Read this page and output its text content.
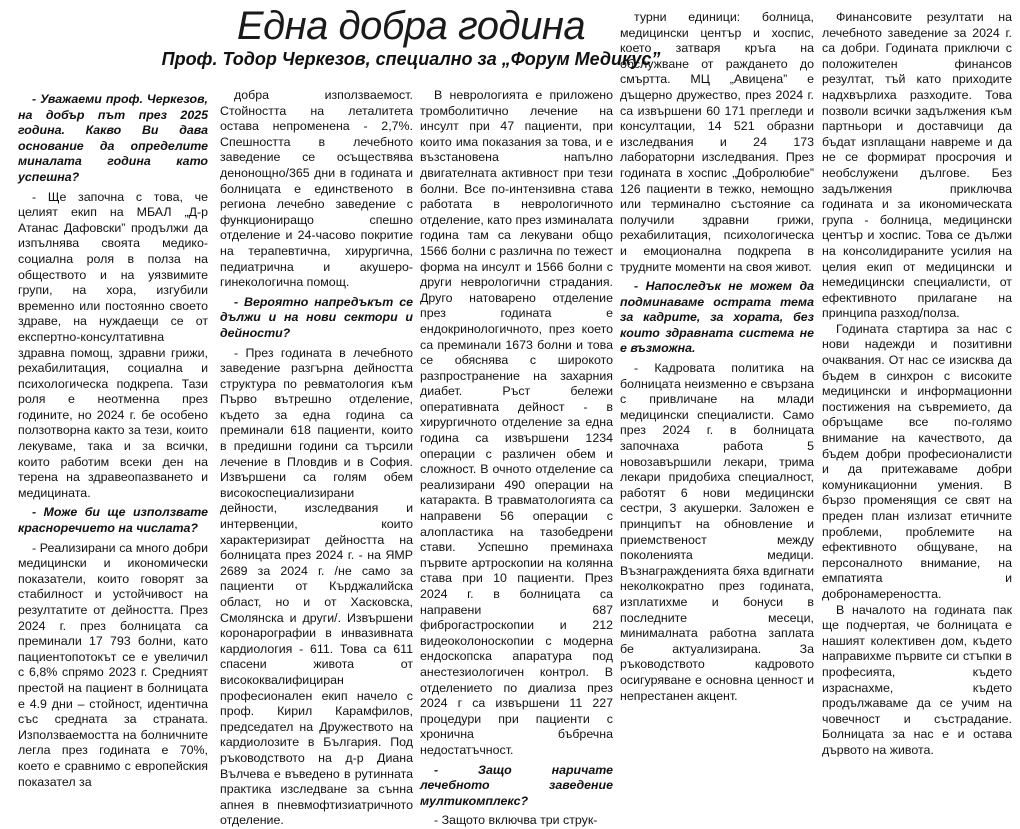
Една добра година
Проф. Тодор Черкезов, специално за „Форум Медикус”

- Уважаеми проф. Черкезов, на добър път през 2025 година. Какво Ви дава основание да определите миналата година като успешна?

- Ще започна с това, че целият екип на МБАЛ „Д-р Атанас Дафовски” продължи да изпълнява своята медико-социална роля в полза на обществото и на уязвимите групи, на хора, изгубили временно или постоянно своето здраве, на нуждаещи се от експертно-консултативна здравна помощ, здравни грижи, рехабилитация, социална и психологическа подкрепа. Тази роля е неотменна през годините, но 2024 г. бе особено ползотворна както за тези, които лекуваме, така и за всички, които работим всеки ден на терена на здравеопазването и медицината.

- Може би ще използвате красноречието на числата?

- Реализирани са много добри медицински и икономически показатели, които говорят за стабилност и устойчивост на резултатите от дейността. През 2024 г. през болницата са преминали 17 793 болни, като пациентопотокът се е увеличил с 6,8% спрямо 2023 г. Средният престой на пациент в болницата е 4.9 дни – стойност, идентична със средната за страната. Използваемостта на болничните легла през годината е 70%, което е сравнимо с европейския показател за

добра използваемост. Стойността на леталитета остава непроменена - 2,7%. Спешността в лечебното заведение се осъществява денонощно/365 дни в годината и болницата е единственото в региона лечебно заведение с функциониращо спешно отделение и 24-часово покритие на терапевтична, хирургична, педиатрична и акушеро-гинекологична помощ.

- Вероятно напредъкът се дължи и на нови сектори и дейности?

- През годината в лечебното заведение разгърна дейността структура по ревматология към Първо вътрешно отделение, където за една година са преминали 618 пациенти, които в предишни години са търсили лечение в Пловдив и в София. Извършени са голям обем високоспециализирани дейности, изследвания и интервенции, които характеризират дейността на болницата през 2024 г. - на ЯМР 2689 за 2024 г. /не само за пациенти от Кърджалийска област, но и от Хасковска, Смолянска и други/. Извършени коронарографии в инвазивната кардиология - 611. Това са 611 спасени живота от висококвалифициран професионален екип начело с проф. Кирил Карамфилов, председател на Дружеството на кардиолозите в България. Под ръководството на д-р Диана Вълчева е въведено в рутинната практика изследване за сънна апнея в пневмофтизиатричното отделение.

В неврологията е приложено тромболитично лечение на инсулт при 47 пациенти, при които има показания за това, и е възстановена напълно двигателната активност при тези болни. Все по-интензивна става работата в неврологичното отделение, като през изминалата година там са лекувани общо 1566 болни с различна по тежест форма на инсулт и 1566 болни с други неврологични страдания. Друго натоварено отделение през годината е ендокринологичното, през което са преминали 1673 болни и това се обяснява с широкото разпространение на захарния диабет. Ръст бележи оперативната дейност - в хирургичното отделение за една година са извършени 1234 операции с различен обем и сложност. В очното отделение са реализирани 490 операции на катаракта. В травматологията са направени 56 операции с алопластика на тазобедрени стави. Успешно преминаха първите артроскопии на колянна става при 10 пациенти. През 2024 г. в болницата са направени 687 фиброгастроскопии и 212 видеоколоноскопии с модерна ендоскопска апаратура под анестезиологичен контрол. В отделението по диализа през 2024 г са извършени 11 227 процедури при пациенти с хронична бъбречна недостатъчност.

- Защо наричате лечебното заведение мултикомплекс?

- Защото включва три струк-

турни единици: болница, медицински център и хоспис, което затваря кръга на обслужване от раждането до смъртта. МЦ „Авицена” е дъщерно дружество, през 2024 г. са извършени 60 171 прегледи и консултации, 14 521 образни изследвания и 24 173 лабораторни изследвания. През годината в хоспис „Добролюбие” 126 пациенти в тежко, немощно или терминално състояние са получили здравни грижи, рехабилитация, психологическа и емоционална подкрепа в трудните моменти на своя живот.

- Напоследък не можем да подминаваме острата тема за кадрите, за хората, без които здравната система не е възможна.

- Кадровата политика на болницата неизменно е свързана с привличане на млади медицински специалисти. Само през 2024 г. в болницата започнаха работа 5 новозавършили лекари, трима лекари придобиха специалност, работят 6 нови медицински сестри, 3 акушерки. Заложен е принципът на обновление и приемственост между поколенията медици. Възнагражденията бяха вдигнати неколкократно през годината, изплатихме и бонуси в последните месеци, минималната работна заплата бе актуализирана. За ръководството кадровото осигуряване е основна ценност и непрестанен акцент.

Финансовите резултати на лечебното заведение за 2024 г. са добри. Годината приключи с положителен финансов резултат, тъй като приходите надхвърлиха разходите. Това позволи всички задължения към партньори и доставчици да бъдат изплащани навреме и да не се формират просрочия и необслужени дългове. Без задължения приключва годината и за икономическата група - болница, медицински център и хоспис. Това се дължи на консолидираните усилия на целия екип от медицински и немедицински специалисти, от ефективното прилагане на принципа разход/полза.

Годината стартира за нас с нови надежди и позитивни очаквания. От нас се изисква да бъдем в синхрон с високите медицински и информационни постижения на съвремието, да обръщаме все по-голямо внимание на качеството, да бъдем добри професионалисти и да притежаваме добри комуникационни умения. В бързо променящия се свят на преден план излизат етичните проблеми, проблемите на ефективното общуване, на персоналното внимание, на емпатията и добронамереността.

В началото на годината пак ще подчертая, че болницата е нашият колективен дом, където направихме първите си стъпки в професията, където израснахме, където продължаваме да се учим на човечност и състрадание. Болницата за нас е и остава дървото на живота.
